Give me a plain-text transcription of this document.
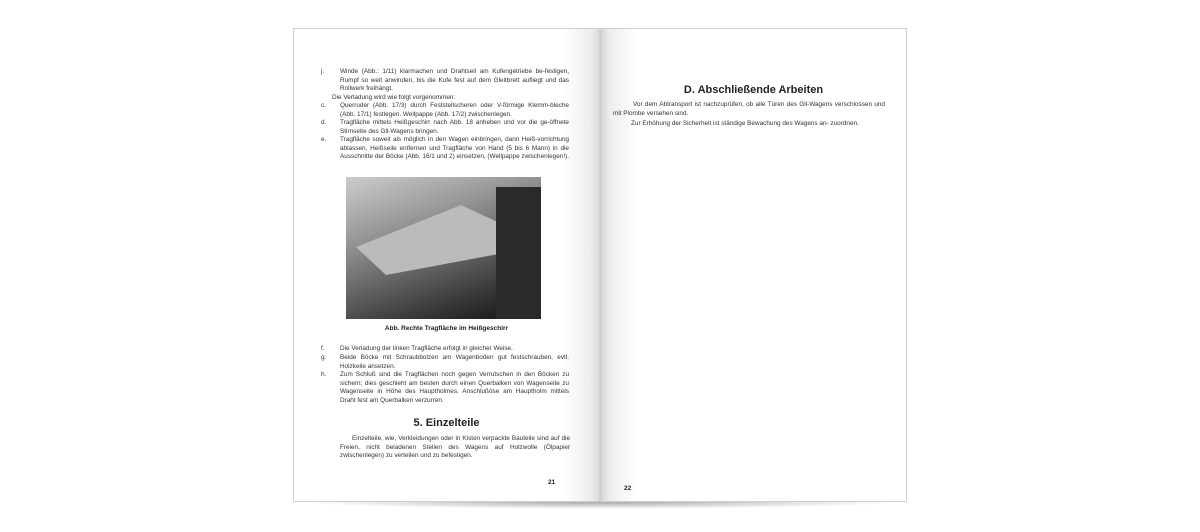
j. Winde (Abb.: 1/11) klarmachen und Drahtseil am Kufengetriebe be-festigen, Rumpf so weit anwinden, bis die Kufe fest auf dem Gleitbrett aufliegt und das Rollwerk freihängt.
Die Verladung wird wie folgt vorgenommen:
c. Querruder (Abb. 17/3) durch Feststellscheren oder V-förmige Klemm-bleche (Abb. 17/1) festlegen. Wellpappe (Abb. 17/2) zwischenlegen.
d. Tragfläche mittels Heißgeschirr nach Abb. 18 anheben und vor die ge-öffnete Stirnseite des Gll-Wagens bringen.
e. Tragfläche soweit als möglich in den Wagen einbringen, dann Heiß-vorrichtung ablassen, Heißseile entfernen und Tragfläche von Hand (5 bis 6 Mann) in die Ausschnitte der Böcke (Abb. 16/1 und 2) einsetzen, (Wellpappe zwischenlegen!).
Abb. Rechte Tragfläche im Heißgeschirr
f. Die Verladung der linken Tragfläche erfolgt in gleicher Weise.
g. Beide Böcke mit Schraubbolzen am Wagenboden gut festschrauben, evtl. Holzkeile ansetzen.
h. Zum Schluß sind die Tragflächen noch gegen Verrutschen in den Böcken zu sichern; dies geschieht am besten durch einen Querbalken von Wagenseite zu Wagenseite in Höhe des Hauptholmes. Anschlußöse am Hauptholm mittels Draht fest am Querbalken verzurren.
5. Einzelteile
Einzelteile, wie, Verkleidungen oder in Kisten verpackte Bauteile sind auf die Freien, nicht beladenen Stellen des Wagens auf Holzwolle (Ölpapier zwischenlegen) zu verteilen und zu befestigen.
21
D. Abschließende Arbeiten
Vor dem Abtransport ist nachzuprüfen, ob alle Türen des Gll-Wagens verschlossen und mit Plombe versehen sind.
Zur Erhöhung der Sicherheit ist ständige Bewachung des Wagens an- zuordnen.
22
